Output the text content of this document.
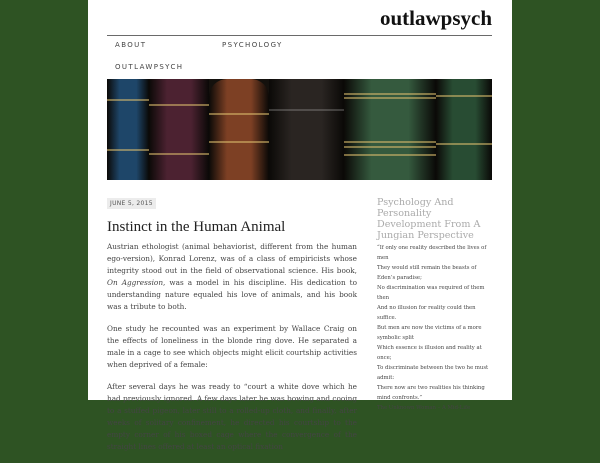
outlawpsych
ABOUT	PSYCHOLOGY
OUTLAWPSYCH
JUNE 5, 2015
Instinct in the Human Animal

Austrian ethologist (animal behaviorist, different from the human ego-version), Konrad Lorenz, was of a class of empiricists whose integrity stood out in the field of observational science. His book, On Aggression, was a model in his discipline. His dedication to understanding nature equaled his love of animals, and his book was a tribute to both.

One study he recounted was an experiment by Wallace Craig on the effects of loneliness in the blonde ring dove. He separated a male in a cage to see which objects might elicit courtship activities when deprived of a female:

After several days he was ready to “court a white dove which he had previously ignored. A few days later he was bowing and cooing to a stuffed pigeon, later still to a rolled-up cloth, and finally, after weeks of solitary confinement, he directed his courtship to the empty corner of his boxed cage where the convergence of the straight lines offered at least an optical fixation

Psychology And Personality Development From A Jungian Perspective
“If only one reality described the lives of
men
They would still remain the beasts of
Eden’s paradise;
No discrimination was required of them
then
And no illusion for reality could then
suffice.
But men are now the victims of a more
symbolic split
Which essence is illusion and reality at
once;
To discriminate between the two he must
admit:
There now are two realities his thinking
mind confronts.”
The Unknown Woman – A Mid-Life
